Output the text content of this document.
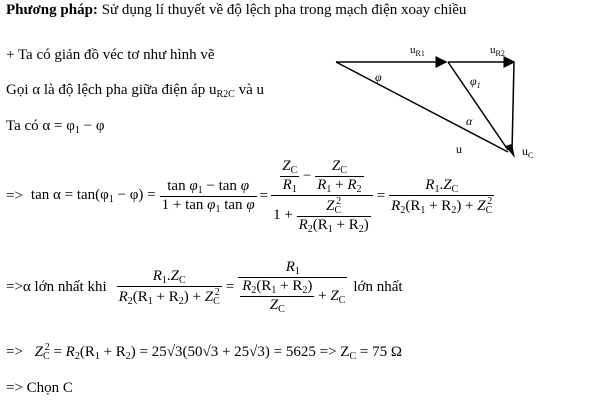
Phương pháp: Sử dụng lí thuyết về độ lệch pha trong mạch điện xoay chiều
+ Ta có giản đồ véc tơ như hình vẽ
Gọi α là độ lệch pha giữa điện áp $u_{R2C}$ và u
Ta có $\alpha = \varphi_1 - \varphi$
$u_{R1}$	$u_{R2}$
φ	$\varphi_1$
α
u	$u_C$
=> $\tan \alpha = \tan(\varphi_1 - \varphi) = \frac{\tan \varphi_1 - \tan \varphi}{1 + \tan \varphi_1 \tan \varphi} = \frac{\frac{Z_C}{R_1} - \frac{Z_C}{R_1 + R_2}}{1 + \frac{Z_C^2}{R_2(R_1 + R_2)}} = \frac{R_1.Z_C}{R_2(R_1 + R_2) + Z_C^2}$
=> α lớn nhất khi $\frac{R_1.Z_C}{R_2(R_1 + R_2) + Z_C^2} = \frac{R_1}{\frac{R_2(R_1 + R_2)}{Z_C} + Z_C}$ lớn nhất
=> $Z_C^2 = R_2(R_1 + R_2) = 25√3(50√3 + 25√3) = 5625 => Z_C = 75$ Ω
=> Chọn C
